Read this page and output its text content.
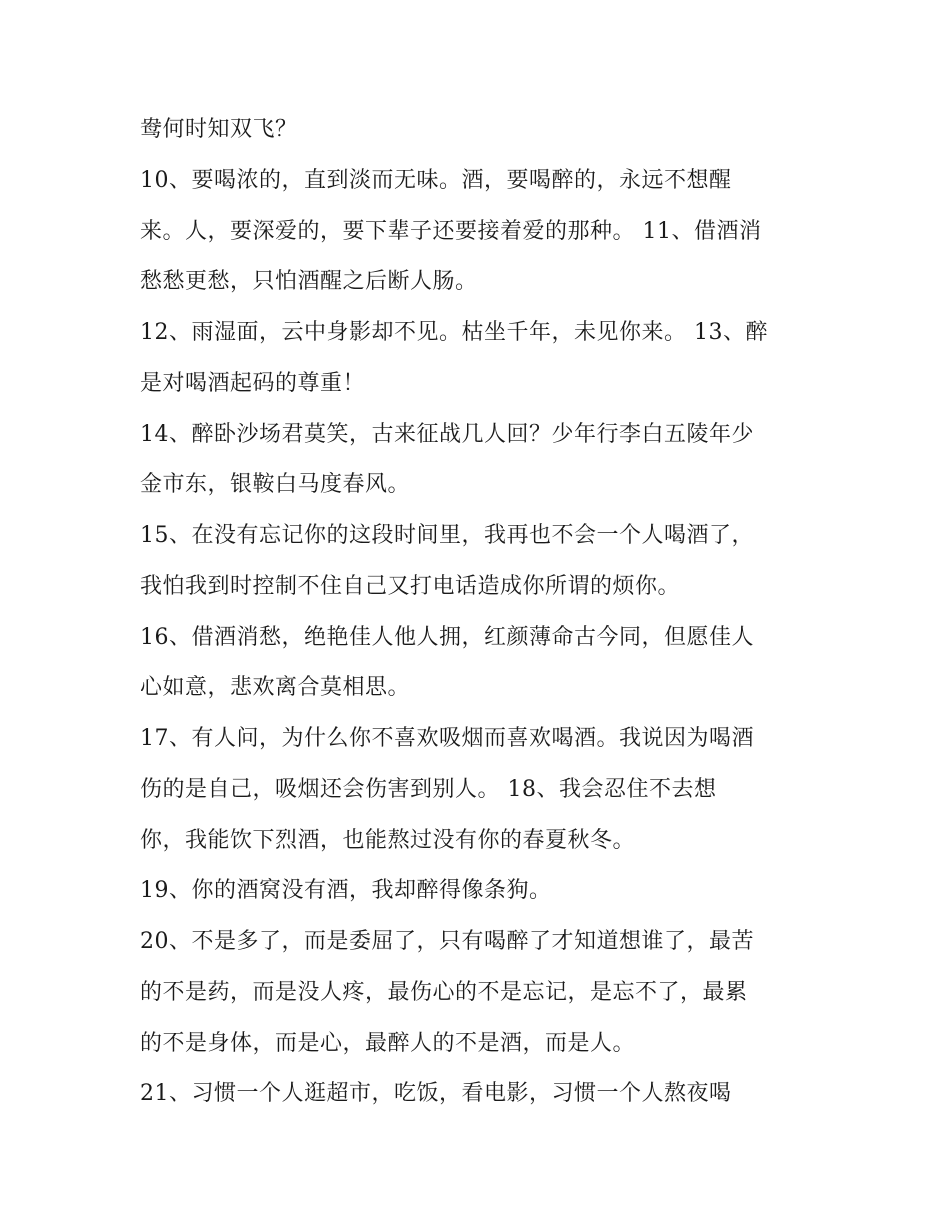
鸯何时知双飞？
10、要喝浓的，直到淡而无味。酒，要喝醉的，永远不想醒
来。人，要深爱的，要下辈子还要接着爱的那种。 11、借酒消
愁愁更愁，只怕酒醒之后断人肠。
12、雨湿面，云中身影却不见。枯坐千年，未见你来。 13、醉
是对喝酒起码的尊重！
14、醉卧沙场君莫笑，古来征战几人回？少年行李白五陵年少
金市东，银鞍白马度春风。
15、在没有忘记你的这段时间里，我再也不会一个人喝酒了，
我怕我到时控制不住自己又打电话造成你所谓的烦你。
16、借酒消愁，绝艳佳人他人拥，红颜薄命古今同，但愿佳人
心如意，悲欢离合莫相思。
17、有人问，为什么你不喜欢吸烟而喜欢喝酒。我说因为喝酒
伤的是自己，吸烟还会伤害到别人。 18、我会忍住不去想
你，我能饮下烈酒，也能熬过没有你的春夏秋冬。
19、你的酒窝没有酒，我却醉得像条狗。
20、不是多了，而是委屈了，只有喝醉了才知道想谁了，最苦
的不是药，而是没人疼，最伤心的不是忘记，是忘不了，最累
的不是身体，而是心，最醉人的不是酒，而是人。
21、习惯一个人逛超市，吃饭，看电影，习惯一个人熬夜喝
